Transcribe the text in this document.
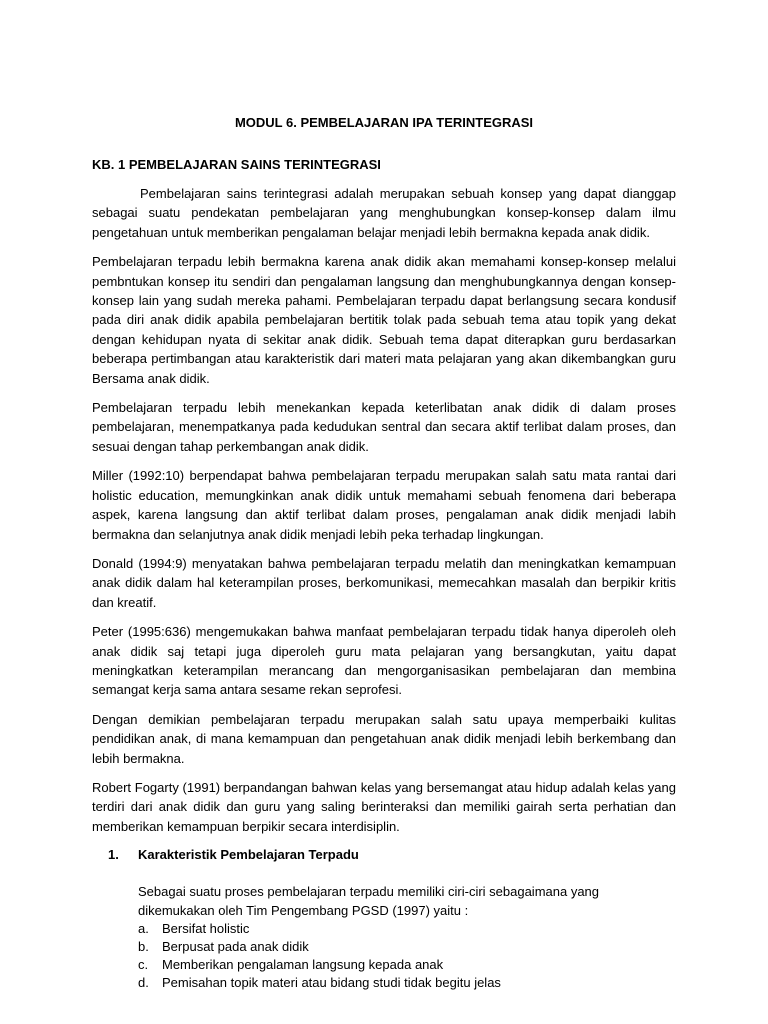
MODUL 6. PEMBELAJARAN IPA TERINTEGRASI
KB. 1 PEMBELAJARAN SAINS TERINTEGRASI

Pembelajaran sains terintegrasi adalah merupakan sebuah konsep yang dapat dianggap sebagai suatu pendekatan pembelajaran yang menghubungkan konsep-konsep dalam ilmu pengetahuan untuk memberikan pengalaman belajar menjadi lebih bermakna kepada anak didik.

Pembelajaran terpadu lebih bermakna karena anak didik akan memahami konsep-konsep melalui pembntukan konsep itu sendiri dan pengalaman langsung dan menghubungkannya dengan konsep-konsep lain yang sudah mereka pahami. Pembelajaran terpadu dapat berlangsung secara kondusif pada diri anak didik apabila pembelajaran bertitik tolak pada sebuah tema atau topik yang dekat dengan kehidupan nyata di sekitar anak didik. Sebuah tema dapat diterapkan guru berdasarkan beberapa pertimbangan atau karakteristik dari materi mata pelajaran yang akan dikembangkan guru Bersama anak didik.

Pembelajaran terpadu lebih menekankan kepada keterlibatan anak didik di dalam proses pembelajaran, menempatkanya pada kedudukan sentral dan secara aktif terlibat dalam proses, dan sesuai dengan tahap perkembangan anak didik.

Miller (1992:10) berpendapat bahwa pembelajaran terpadu merupakan salah satu mata rantai dari holistic education, memungkinkan anak didik untuk memahami sebuah fenomena dari beberapa aspek, karena langsung dan aktif terlibat dalam proses, pengalaman anak didik menjadi labih bermakna dan selanjutnya anak didik menjadi lebih peka terhadap lingkungan.

Donald (1994:9) menyatakan bahwa pembelajaran terpadu melatih dan meningkatkan kemampuan anak didik dalam hal keterampilan proses, berkomunikasi, memecahkan masalah dan berpikir kritis dan kreatif.

Peter (1995:636) mengemukakan bahwa manfaat pembelajaran terpadu tidak hanya diperoleh oleh anak didik saj tetapi juga diperoleh guru mata pelajaran yang bersangkutan, yaitu dapat meningkatkan keterampilan merancang dan mengorganisasikan pembelajaran dan membina semangat kerja sama antara sesame rekan seprofesi.

Dengan demikian pembelajaran terpadu merupakan salah satu upaya memperbaiki kulitas pendidikan anak, di mana kemampuan dan pengetahuan anak didik menjadi lebih berkembang dan lebih bermakna.

Robert Fogarty (1991) berpandangan bahwan kelas yang bersemangat atau hidup adalah kelas yang terdiri dari anak didik dan guru yang saling berinteraksi dan memiliki gairah serta perhatian dan memberikan kemampuan berpikir secara interdisiplin.

1.	Karakteristik Pembelajaran Terpadu

Sebagai suatu proses pembelajaran terpadu memiliki ciri-ciri sebagaimana yang dikemukakan oleh Tim Pengembang PGSD (1997) yaitu :

a.	Bersifat holistic
b.	Berpusat pada anak didik
c.	Memberikan pengalaman langsung kepada anak
d.	Pemisahan topik materi atau bidang studi tidak begitu jelas
